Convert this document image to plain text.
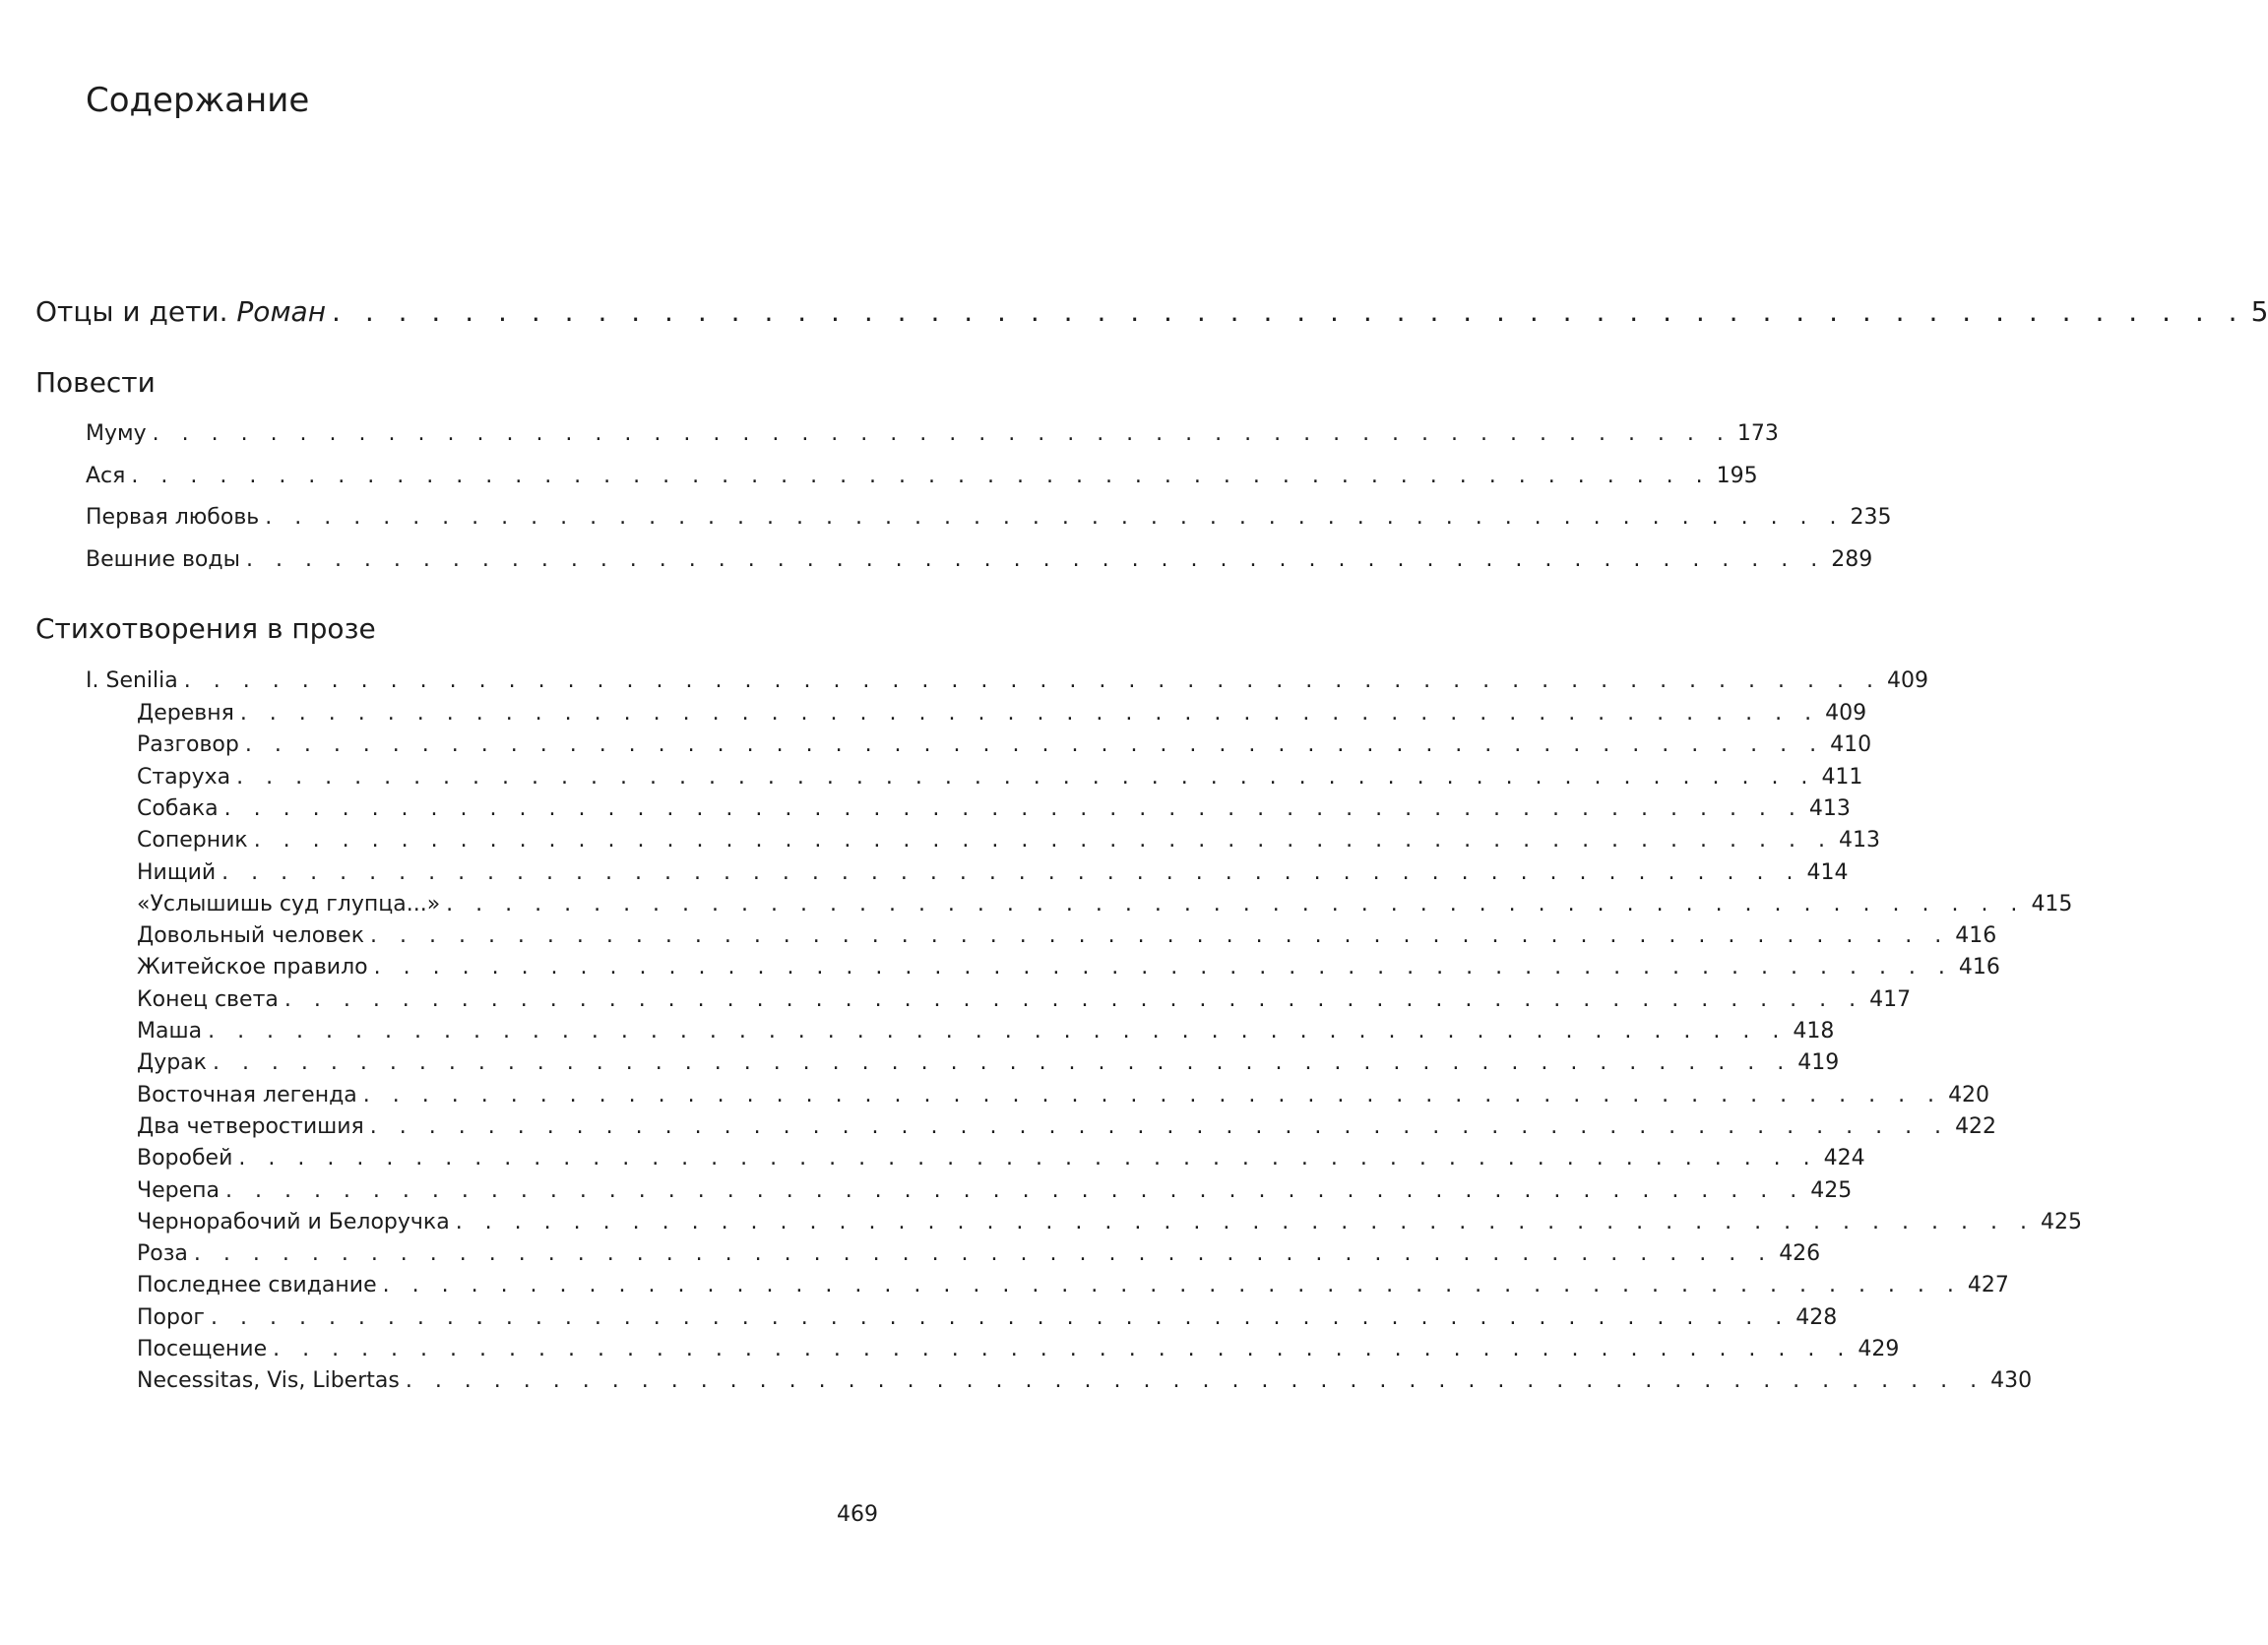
Содержание
Отцы и дети. Роман . . . . . . . . . . . . . . . . . . . . . . . . . . . . . . . . . . . . . . . . . . . . . . . . . . . . . . . . . . 5
Повести
Муму . . . . . . . . . . . . . . . . . . . . . . . . . . . . . . . . . . . . . . . . . . . . . . . . . . . . . . 173
Ася . . . . . . . . . . . . . . . . . . . . . . . . . . . . . . . . . . . . . . . . . . . . . . . . . . . . . . 195
Первая любовь . . . . . . . . . . . . . . . . . . . . . . . . . . . . . . . . . . . . . . . . . . . . . . . . . . . . . . 235
Вешние воды . . . . . . . . . . . . . . . . . . . . . . . . . . . . . . . . . . . . . . . . . . . . . . . . . . . . . . 289
Стихотворения в прозе
I. Senilia . . . . . . . . . . . . . . . . . . . . . . . . . . . . . . . . . . . . . . . . . . . . . . . . . . . . . . . . . . 409
Деревня . . . . . . . . . . . . . . . . . . . . . . . . . . . . . . . . . . . . . . . . . . . . . . . . . . . . . . 409
Разговор . . . . . . . . . . . . . . . . . . . . . . . . . . . . . . . . . . . . . . . . . . . . . . . . . . . . . . 410
Старуха . . . . . . . . . . . . . . . . . . . . . . . . . . . . . . . . . . . . . . . . . . . . . . . . . . . . . . 411
Собака . . . . . . . . . . . . . . . . . . . . . . . . . . . . . . . . . . . . . . . . . . . . . . . . . . . . . . 413
Соперник . . . . . . . . . . . . . . . . . . . . . . . . . . . . . . . . . . . . . . . . . . . . . . . . . . . . . . 413
Нищий . . . . . . . . . . . . . . . . . . . . . . . . . . . . . . . . . . . . . . . . . . . . . . . . . . . . . . 414
«Услышишь суд глупца...» . . . . . . . . . . . . . . . . . . . . . . . . . . . . . . . . . . . . . . . . . . . . . . . . . . . . . . 415
Довольный человек . . . . . . . . . . . . . . . . . . . . . . . . . . . . . . . . . . . . . . . . . . . . . . . . . . . . . . 416
Житейское правило . . . . . . . . . . . . . . . . . . . . . . . . . . . . . . . . . . . . . . . . . . . . . . . . . . . . . . 416
Конец света . . . . . . . . . . . . . . . . . . . . . . . . . . . . . . . . . . . . . . . . . . . . . . . . . . . . . . 417
Маша . . . . . . . . . . . . . . . . . . . . . . . . . . . . . . . . . . . . . . . . . . . . . . . . . . . . . . 418
Дурак . . . . . . . . . . . . . . . . . . . . . . . . . . . . . . . . . . . . . . . . . . . . . . . . . . . . . . 419
Восточная легенда . . . . . . . . . . . . . . . . . . . . . . . . . . . . . . . . . . . . . . . . . . . . . . . . . . . . . . 420
Два четверостишия . . . . . . . . . . . . . . . . . . . . . . . . . . . . . . . . . . . . . . . . . . . . . . . . . . . . . . 422
Воробей . . . . . . . . . . . . . . . . . . . . . . . . . . . . . . . . . . . . . . . . . . . . . . . . . . . . . . 424
Черепа . . . . . . . . . . . . . . . . . . . . . . . . . . . . . . . . . . . . . . . . . . . . . . . . . . . . . . 425
Чернорабочий и Белоручка . . . . . . . . . . . . . . . . . . . . . . . . . . . . . . . . . . . . . . . . . . . . . . . . . . . . . . 425
Роза . . . . . . . . . . . . . . . . . . . . . . . . . . . . . . . . . . . . . . . . . . . . . . . . . . . . . . 426
Последнее свидание . . . . . . . . . . . . . . . . . . . . . . . . . . . . . . . . . . . . . . . . . . . . . . . . . . . . . . 427
Порог . . . . . . . . . . . . . . . . . . . . . . . . . . . . . . . . . . . . . . . . . . . . . . . . . . . . . . 428
Посещение . . . . . . . . . . . . . . . . . . . . . . . . . . . . . . . . . . . . . . . . . . . . . . . . . . . . . . 429
Necessitas, Vis, Libertas . . . . . . . . . . . . . . . . . . . . . . . . . . . . . . . . . . . . . . . . . . . . . . . . . . . . . . 430
469
